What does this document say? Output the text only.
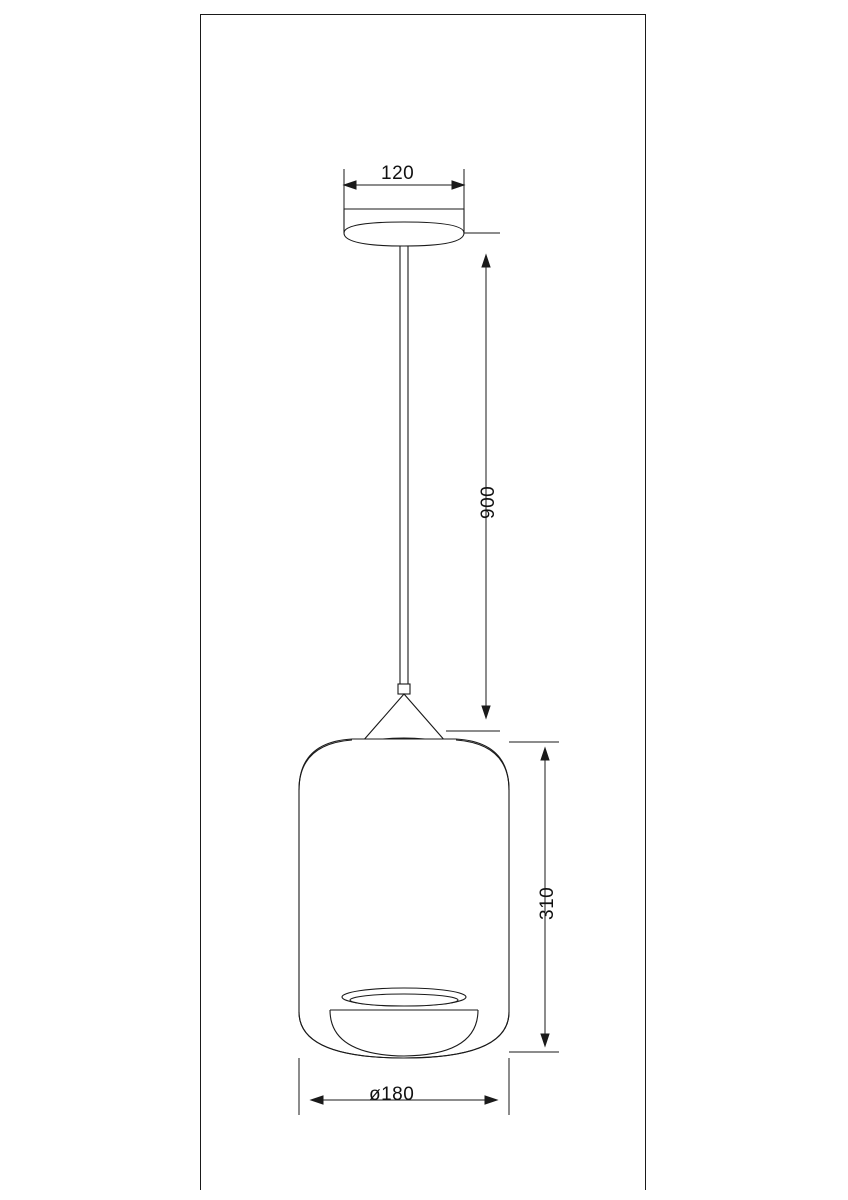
120
900
310
ø180
